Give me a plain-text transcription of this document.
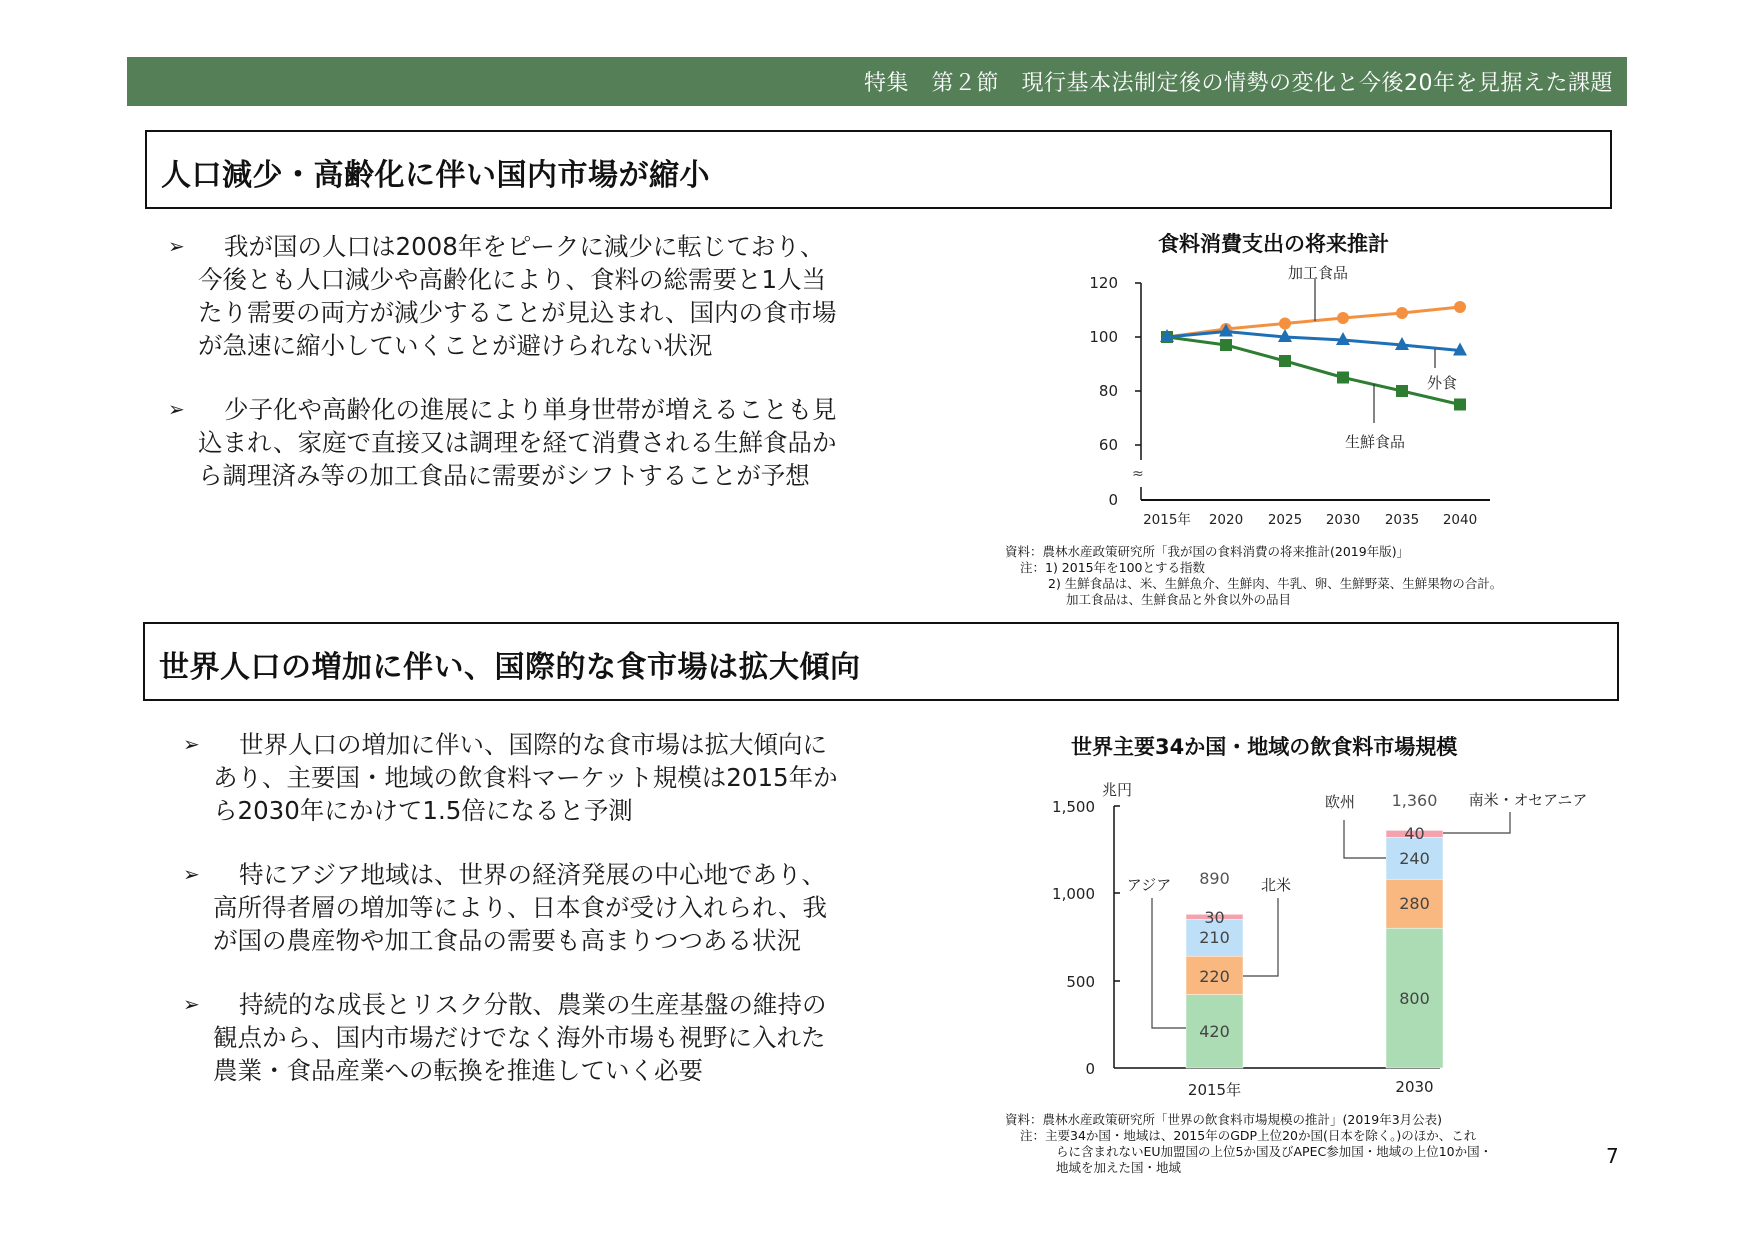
特集　第２節　現行基本法制定後の情勢の変化と今後20年を見据えた課題
人口減少・高齢化に伴い国内市場が縮小
➢	我が国の人口は2008年をピークに減少に転じており、
今後とも人口減少や高齢化により、食料の総需要と1人当
たり需要の両方が減少することが見込まれ、国内の食市場
が急速に縮小していくことが避けられない状況
➢	少子化や高齢化の進展により単身世帯が増えることも見
込まれ、家庭で直接又は調理を経て消費される生鮮食品か
ら調理済み等の加工食品に需要がシフトすることが予想
食料消費支出の将来推計
120
100
80
60
0
≈
2015年 2020 2025 2030 2035 2040
加工食品
外食
生鮮食品
資料：農林水産政策研究所「我が国の食料消費の将来推計(2019年版)」
注：1) 2015年を100とする指数
2) 生鮮食品は、米、生鮮魚介、生鮮肉、牛乳、卵、生鮮野菜、生鮮果物の合計。
加工食品は、生鮮食品と外食以外の品目
世界人口の増加に伴い、国際的な食市場は拡大傾向
➢	世界人口の増加に伴い、国際的な食市場は拡大傾向に
あり、主要国・地域の飲食料マーケット規模は2015年か
ら2030年にかけて1.5倍になると予測
➢	特にアジア地域は、世界の経済発展の中心地であり、
高所得者層の増加等により、日本食が受け入れられ、我
が国の農産物や加工食品の需要も高まりつつある状況
➢	持続的な成長とリスク分散、農業の生産基盤の維持の
観点から、国内市場だけでなく海外市場も視野に入れた
農業・食品産業への転換を推進していく必要
世界主要34か国・地域の飲食料市場規模
兆円
1,500
1,000
500
0
420
220
210
30
890
800
280
240
40
1,360
2015年	2030
アジア	北米
欧州	南米・オセアニア
資料：農林水産政策研究所「世界の飲食料市場規模の推計」(2019年3月公表)
注：主要34か国・地域は、2015年のGDP上位20か国(日本を除く。)のほか、これ
らに含まれないEU加盟国の上位5か国及びAPEC参加国・地域の上位10か国・
地域を加えた国・地域	7
